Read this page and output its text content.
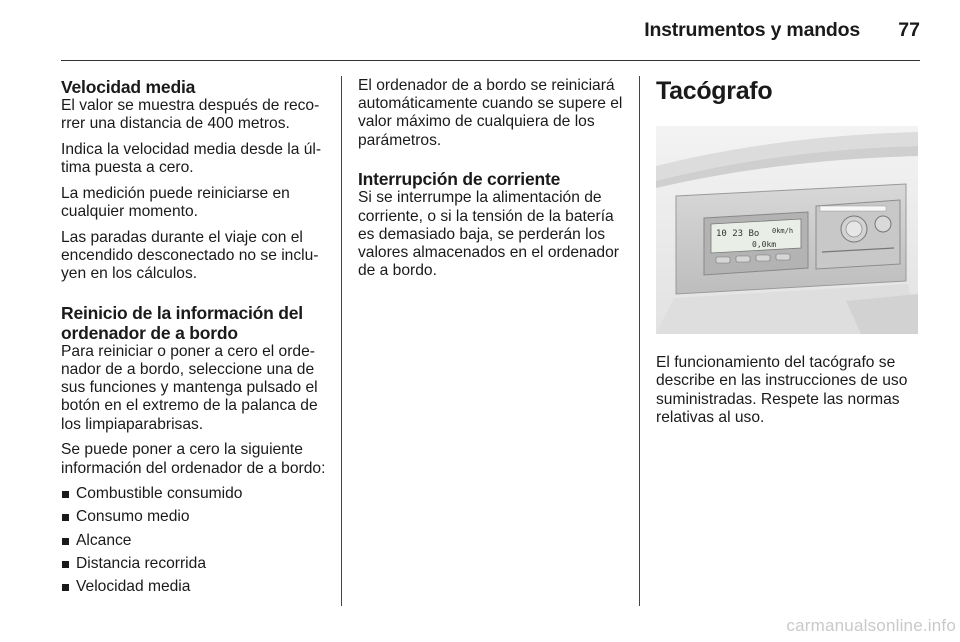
Instrumentos y mandos	77
Velocidad media

El valor se muestra después de reco-rrer una distancia de 400 metros.

Indica la velocidad media desde la úl-tima puesta a cero.

La medición puede reiniciarse en cualquier momento.

Las paradas durante el viaje con el encendido desconectado no se inclu-yen en los cálculos.

Reinicio de la información del ordenador de a bordo

Para reiniciar o poner a cero el orde-nador de a bordo, seleccione una de sus funciones y mantenga pulsado el botón en el extremo de la palanca de los limpiaparabrisas.

Se puede poner a cero la siguiente información del ordenador de a bordo:

Combustible consumido
Consumo medio
Alcance
Distancia recorrida
Velocidad media

El ordenador de a bordo se reiniciará automáticamente cuando se supere el valor máximo de cualquiera de los parámetros.

Interrupción de corriente

Si se interrumpe la alimentación de corriente, o si la tensión de la batería es demasiado baja, se perderán los valores almacenados en el ordenador de a bordo.

Tacógrafo
10 23 Bo 0km/h
0,0km

El funcionamiento del tacógrafo se describe en las instrucciones de uso suministradas. Respete las normas relativas al uso.

carmanualsonline.info
